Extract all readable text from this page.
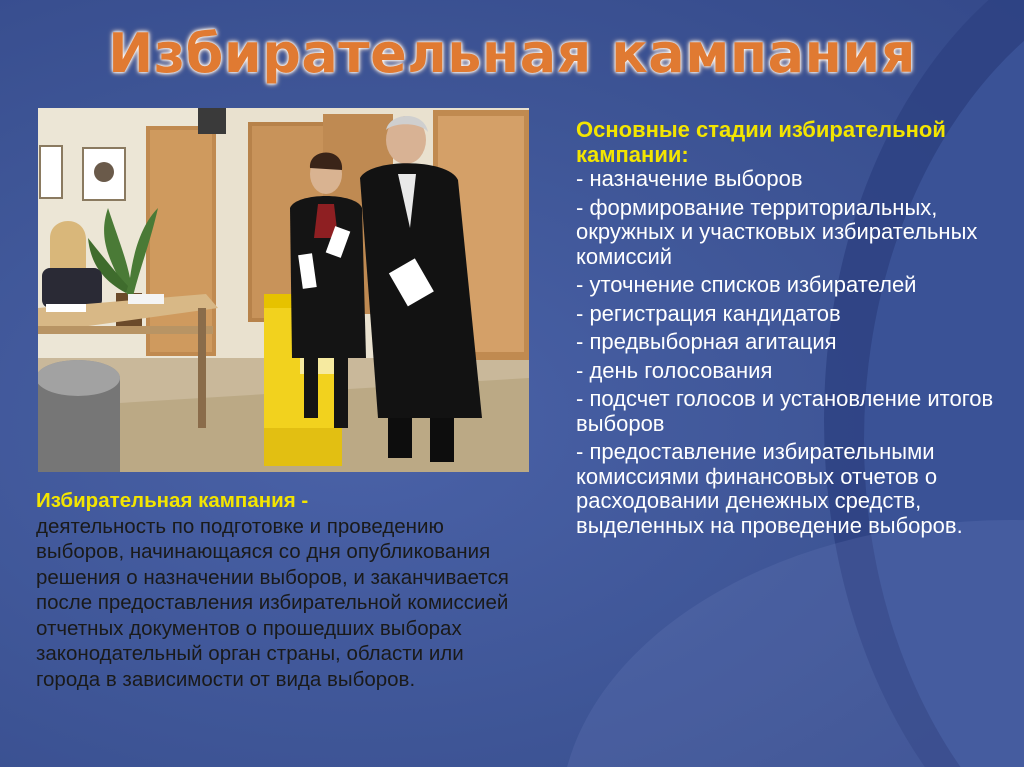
Избирательная кампания
Избирательная кампания -
деятельность по подготовке и проведению выборов, начинающаяся со дня опубликования решения о назначении выборов, и заканчивается после предоставления избирательной комиссией отчетных документов о прошедших выборах законодательный орган страны, области или города в зависимости от вида выборов.
Основные стадии избирательной кампании:
- назначение выборов
- формирование территориальных, окружных и участковых избирательных комиссий
- уточнение списков избирателей
- регистрация кандидатов
- предвыборная агитация
- день голосования
- подсчет голосов и установление итогов выборов
- предоставление избирательными комиссиями финансовых отчетов о расходовании денежных средств, выделенных на проведение выборов.
